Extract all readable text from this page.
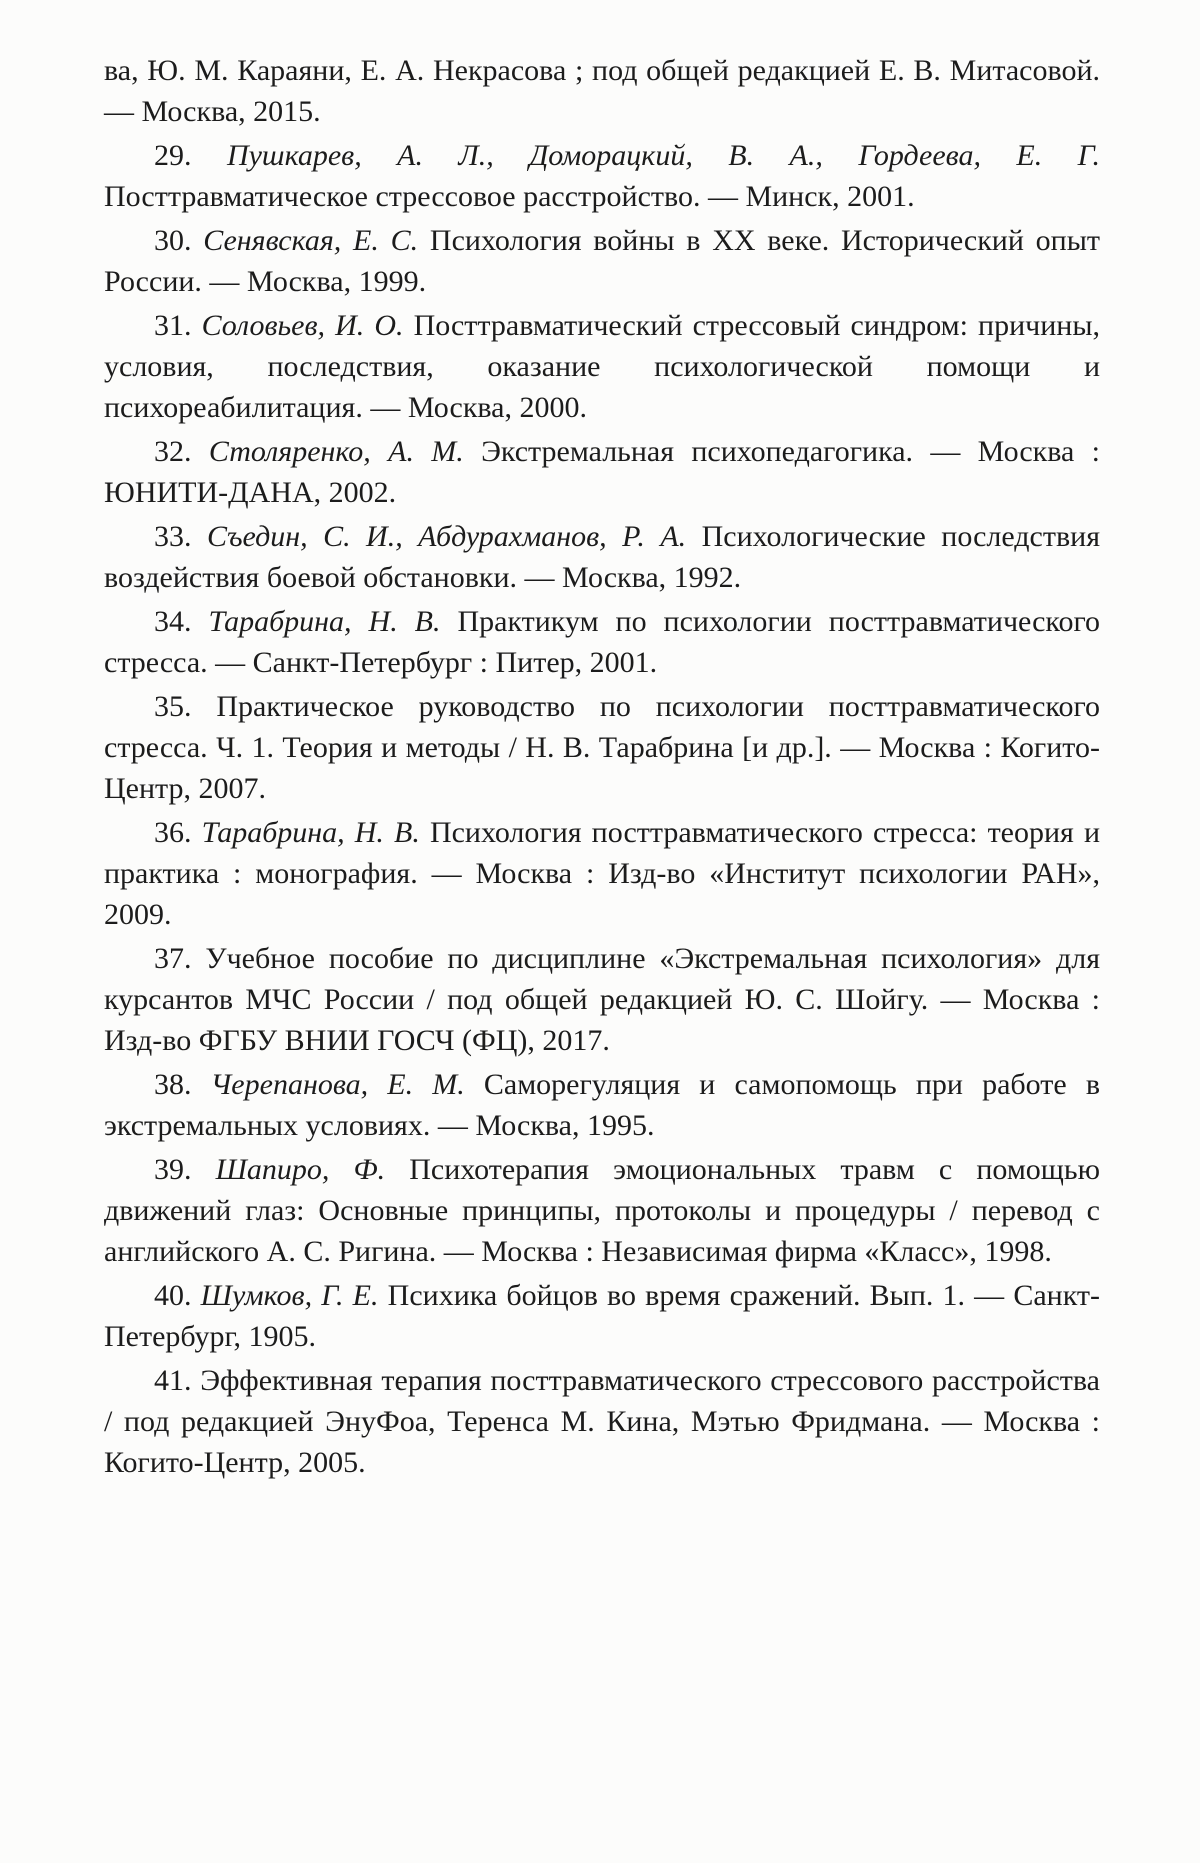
ва, Ю. М. Караяни, Е. А. Некрасова ; под общей редакцией Е. В. Митасовой. — Москва, 2015.

29. Пушкарев, А. Л., Доморацкий, В. А., Гордеева, Е. Г. Посттравматическое стрессовое расстройство. — Минск, 2001.

30. Сенявская, Е. С. Психология войны в XX веке. Исторический опыт России. — Москва, 1999.

31. Соловьев, И. О. Посттравматический стрессовый синдром: причины, условия, последствия, оказание психологической помощи и психореабилитация. — Москва, 2000.

32. Столяренко, А. М. Экстремальная психопедагогика. — Москва : ЮНИТИ-ДАНА, 2002.

33. Съедин, С. И., Абдурахманов, Р. А. Психологические последствия воздействия боевой обстановки. — Москва, 1992.

34. Тарабрина, Н. В. Практикум по психологии посттравматического стресса. — Санкт-Петербург : Питер, 2001.

35. Практическое руководство по психологии посттравматического стресса. Ч. 1. Теория и методы / Н. В. Тарабрина [и др.]. — Москва : Когито-Центр, 2007.

36. Тарабрина, Н. В. Психология посттравматического стресса: теория и практика : монография. — Москва : Изд-во «Институт психологии РАН», 2009.

37. Учебное пособие по дисциплине «Экстремальная психология» для курсантов МЧС России / под общей редакцией Ю. С. Шойгу. — Москва : Изд-во ФГБУ ВНИИ ГОСЧ (ФЦ), 2017.

38. Черепанова, Е. М. Саморегуляция и самопомощь при работе в экстремальных условиях. — Москва, 1995.

39. Шапиро, Ф. Психотерапия эмоциональных травм с помощью движений глаз: Основные принципы, протоколы и процедуры / перевод с английского А. С. Ригина. — Москва : Независимая фирма «Класс», 1998.

40. Шумков, Г. Е. Психика бойцов во время сражений. Вып. 1. — Санкт-Петербург, 1905.

41. Эффективная терапия посттравматического стрессового расстройства / под редакцией ЭнyФоа, Теренса М. Кина, Мэтью Фридмана. — Москва : Когито-Центр, 2005.
